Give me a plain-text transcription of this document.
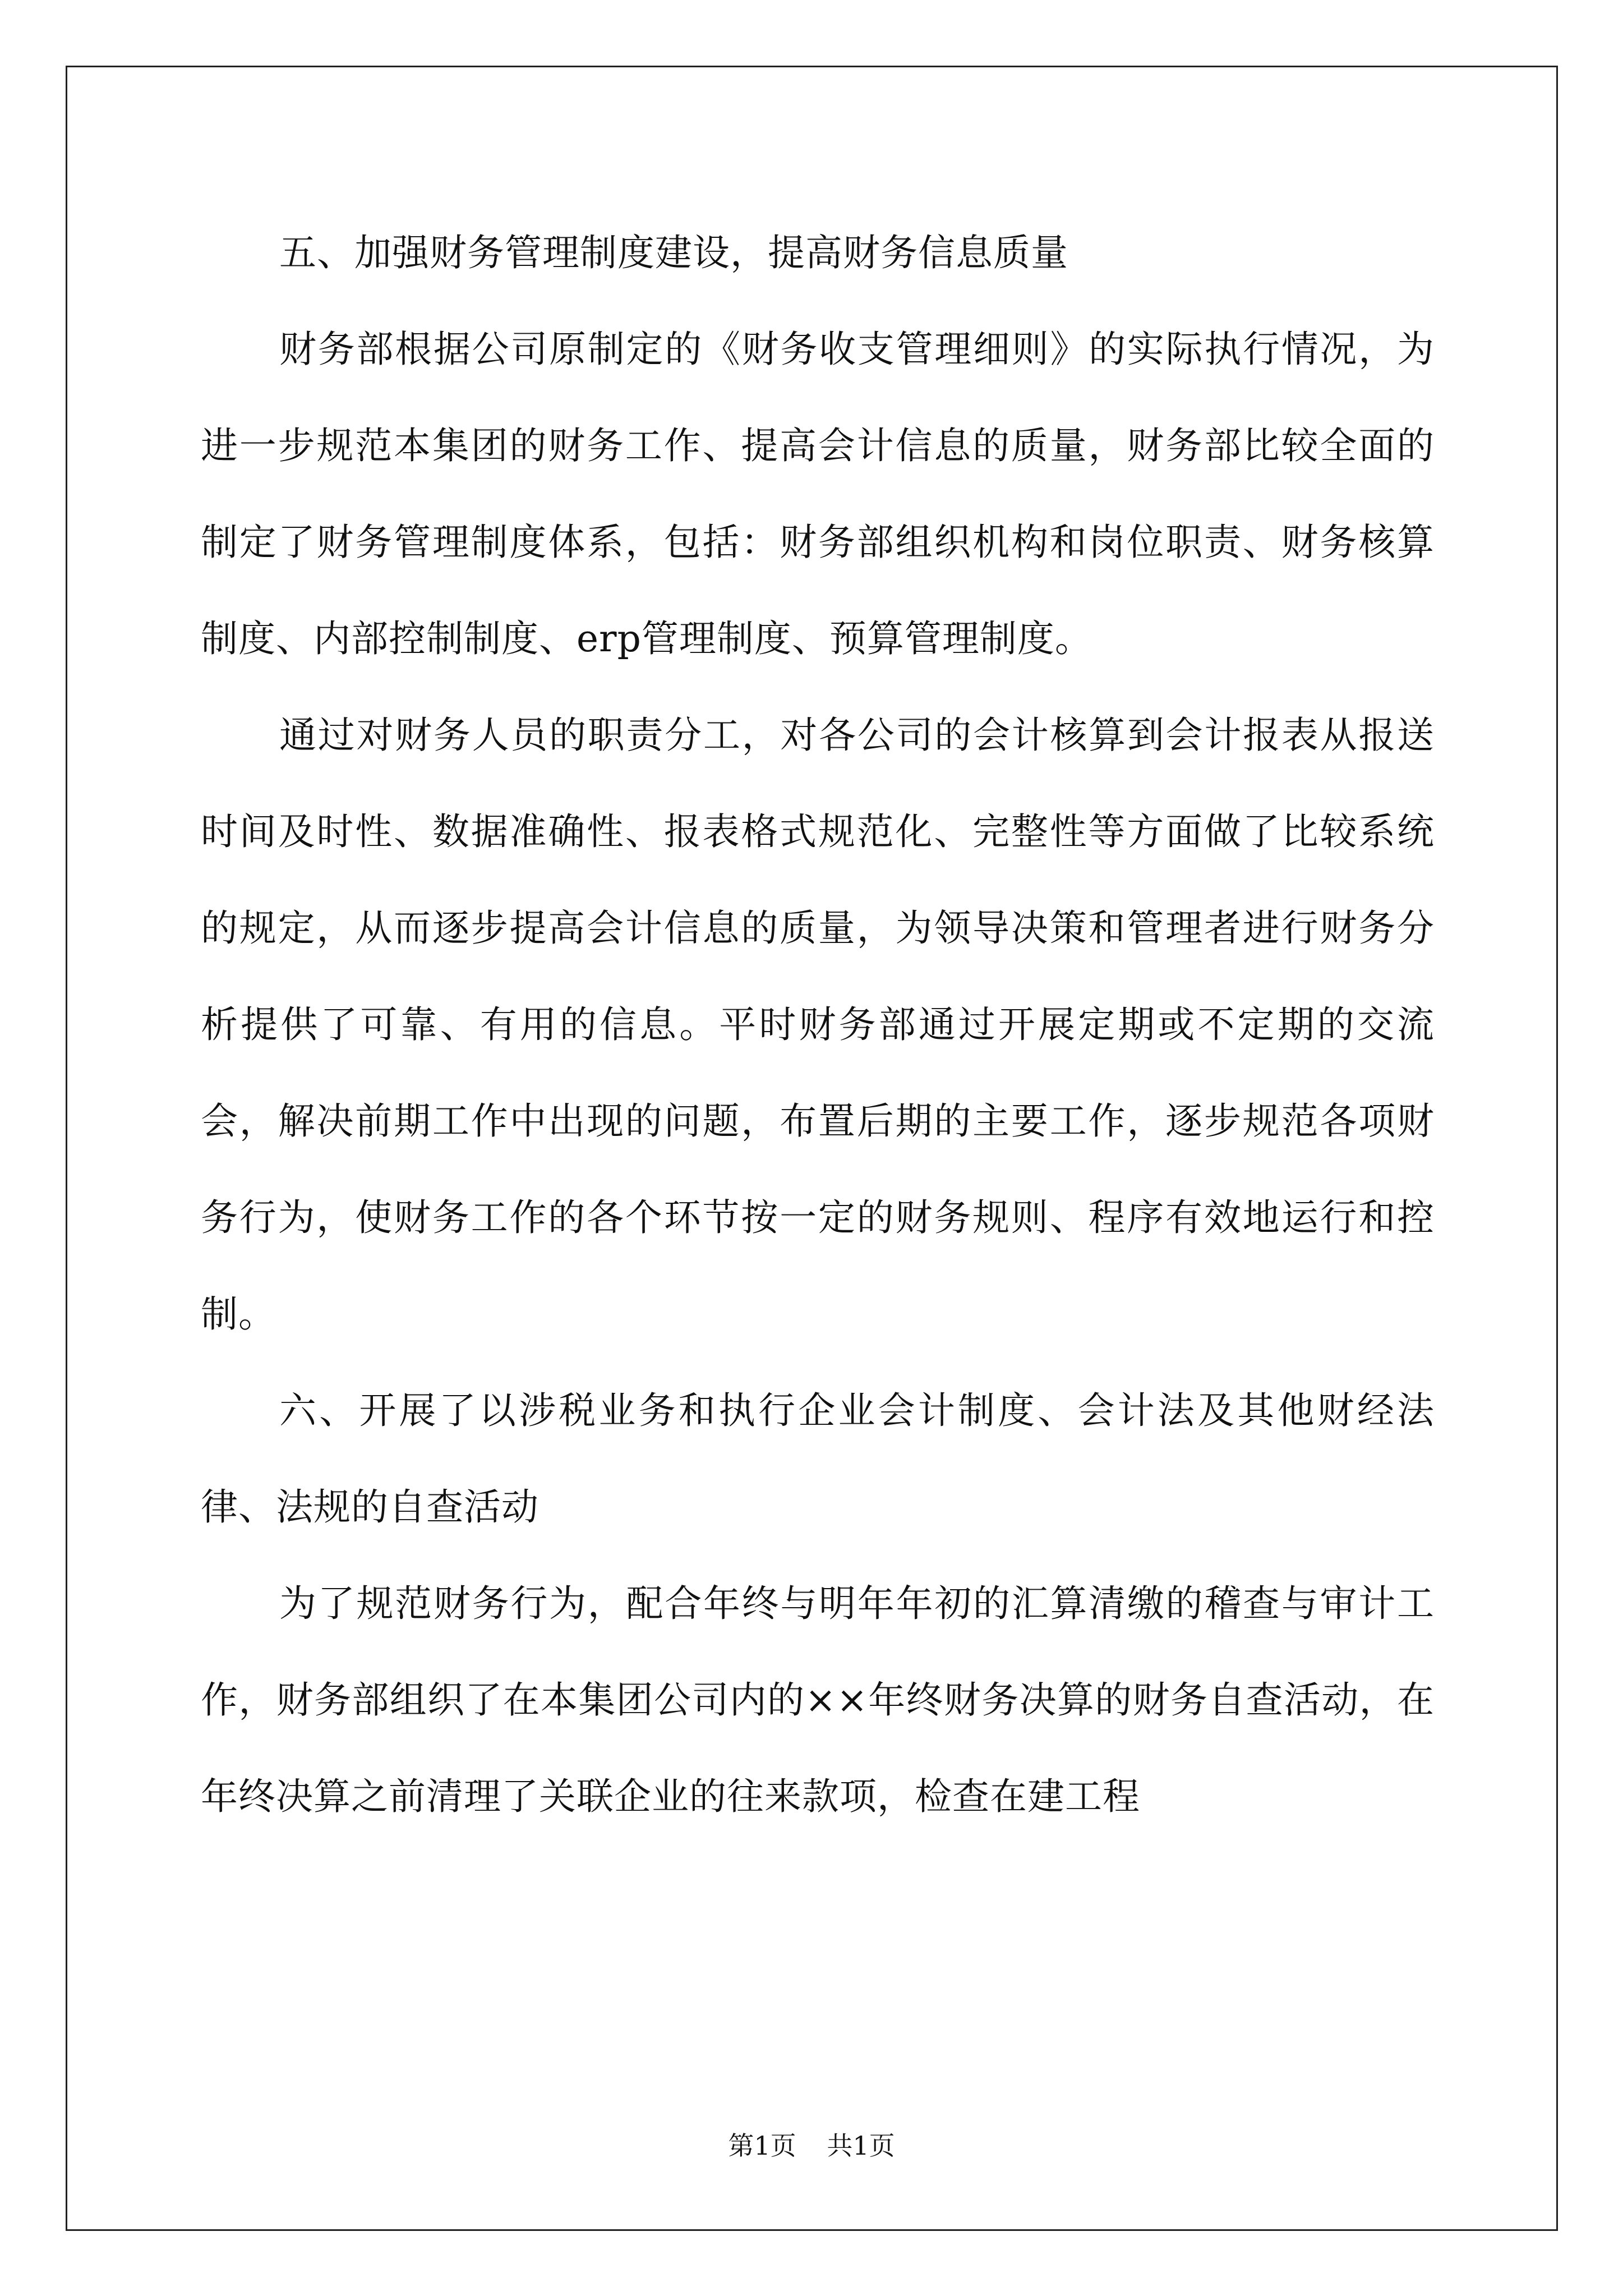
五、加强财务管理制度建设，提高财务信息质量

财务部根据公司原制定的《财务收支管理细则》的实际执行情况，为进一步规范本集团的财务工作、提高会计信息的质量，财务部比较全面的制定了财务管理制度体系，包括：财务部组织机构和岗位职责、财务核算制度、内部控制制度、erp管理制度、预算管理制度。

通过对财务人员的职责分工，对各公司的会计核算到会计报表从报送时间及时性、数据准确性、报表格式规范化、完整性等方面做了比较系统的规定，从而逐步提高会计信息的质量，为领导决策和管理者进行财务分析提供了可靠、有用的信息。平时财务部通过开展定期或不定期的交流会，解决前期工作中出现的问题，布置后期的主要工作，逐步规范各项财务行为，使财务工作的各个环节按一定的财务规则、程序有效地运行和控制。

六、开展了以涉税业务和执行企业会计制度、会计法及其他财经法律、法规的自查活动

为了规范财务行为，配合年终与明年年初的汇算清缴的稽查与审计工作，财务部组织了在本集团公司内的××年终财务决算的财务自查活动，在年终决算之前清理了关联企业的往来款项，检查在建工程

第1页 共1页
